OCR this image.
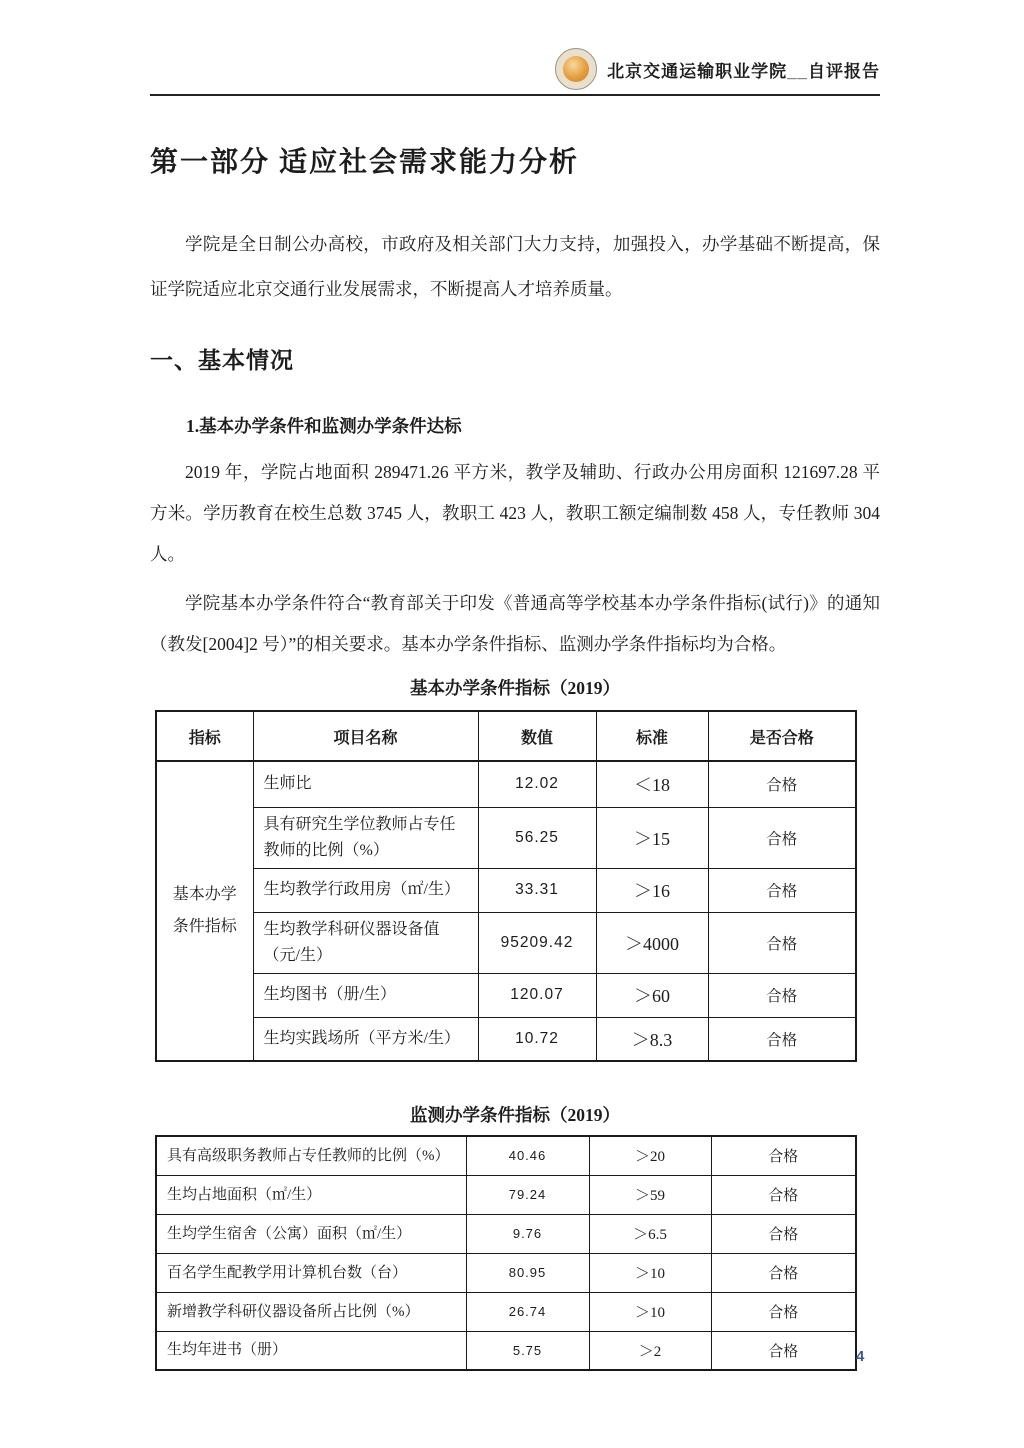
北京交通运输职业学院__自评报告
第一部分 适应社会需求能力分析

学院是全日制公办高校，市政府及相关部门大力支持，加强投入，办学基础不断提高，保证学院适应北京交通行业发展需求，不断提高人才培养质量。

一、基本情况
1.基本办学条件和监测办学条件达标

2019 年，学院占地面积 289471.26 平方米，教学及辅助、行政办公用房面积 121697.28 平方米。学历教育在校生总数 3745 人，教职工 423 人，教职工额定编制数 458 人，专任教师 304 人。

学院基本办学条件符合“教育部关于印发《普通高等学校基本办学条件指标(试行)》的通知（教发[2004]2 号）”的相关要求。基本办学条件指标、监测办学条件指标均为合格。

基本办学条件指标（2019）
指标	项目名称	数值	标准	是否合格
基本办学条件指标	生师比	12.02	＜18	合格
	具有研究生学位教师占专任教师的比例（%）	56.25	＞15	合格
	生均教学行政用房（㎡/生）	33.31	＞16	合格
	生均教学科研仪器设备值（元/生）	95209.42	＞4000	合格
	生均图书（册/生）	120.07	＞60	合格
	生均实践场所（平方米/生）	10.72	＞8.3	合格
监测办学条件指标（2019）
具有高级职务教师占专任教师的比例（%）	40.46	＞20	合格
生均占地面积（㎡/生）	79.24	＞59	合格
生均学生宿舍（公寓）面积（㎡/生）	9.76	＞6.5	合格
百名学生配教学用计算机台数（台）	80.95	＞10	合格
新增教学科研仪器设备所占比例（%）	26.74	＞10	合格
生均年进书（册）	5.75	＞2	合格	4
